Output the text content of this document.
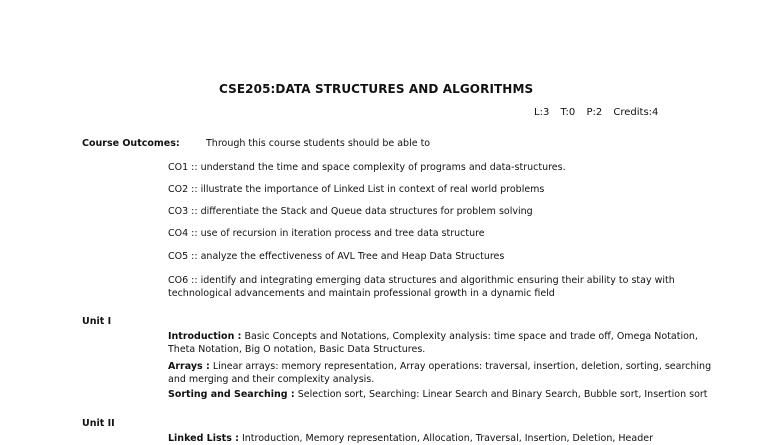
CSE205:DATA STRUCTURES AND ALGORITHMS
L:3 T:0 P:2 Credits:4
Course Outcomes:	Through this course students should be able to
CO1 :: understand the time and space complexity of programs and data-structures.
CO2 :: illustrate the importance of Linked List in context of real world problems
CO3 :: differentiate the Stack and Queue data structures for problem solving
CO4 :: use of recursion in iteration process and tree data structure
CO5 :: analyze the effectiveness of AVL Tree and Heap Data Structures
CO6 :: identify and integrating emerging data structures and algorithmic ensuring their ability to stay with technological advancements and maintain professional growth in a dynamic field
Unit I
Introduction : Basic Concepts and Notations, Complexity analysis: time space and trade off, Omega Notation, Theta Notation, Big O notation, Basic Data Structures.
Arrays : Linear arrays: memory representation, Array operations: traversal, insertion, deletion, sorting, searching and merging and their complexity analysis.
Sorting and Searching : Selection sort, Searching: Linear Search and Binary Search, Bubble sort, Insertion sort
Unit II
Linked Lists : Introduction, Memory representation, Allocation, Traversal, Insertion, Deletion, Header
